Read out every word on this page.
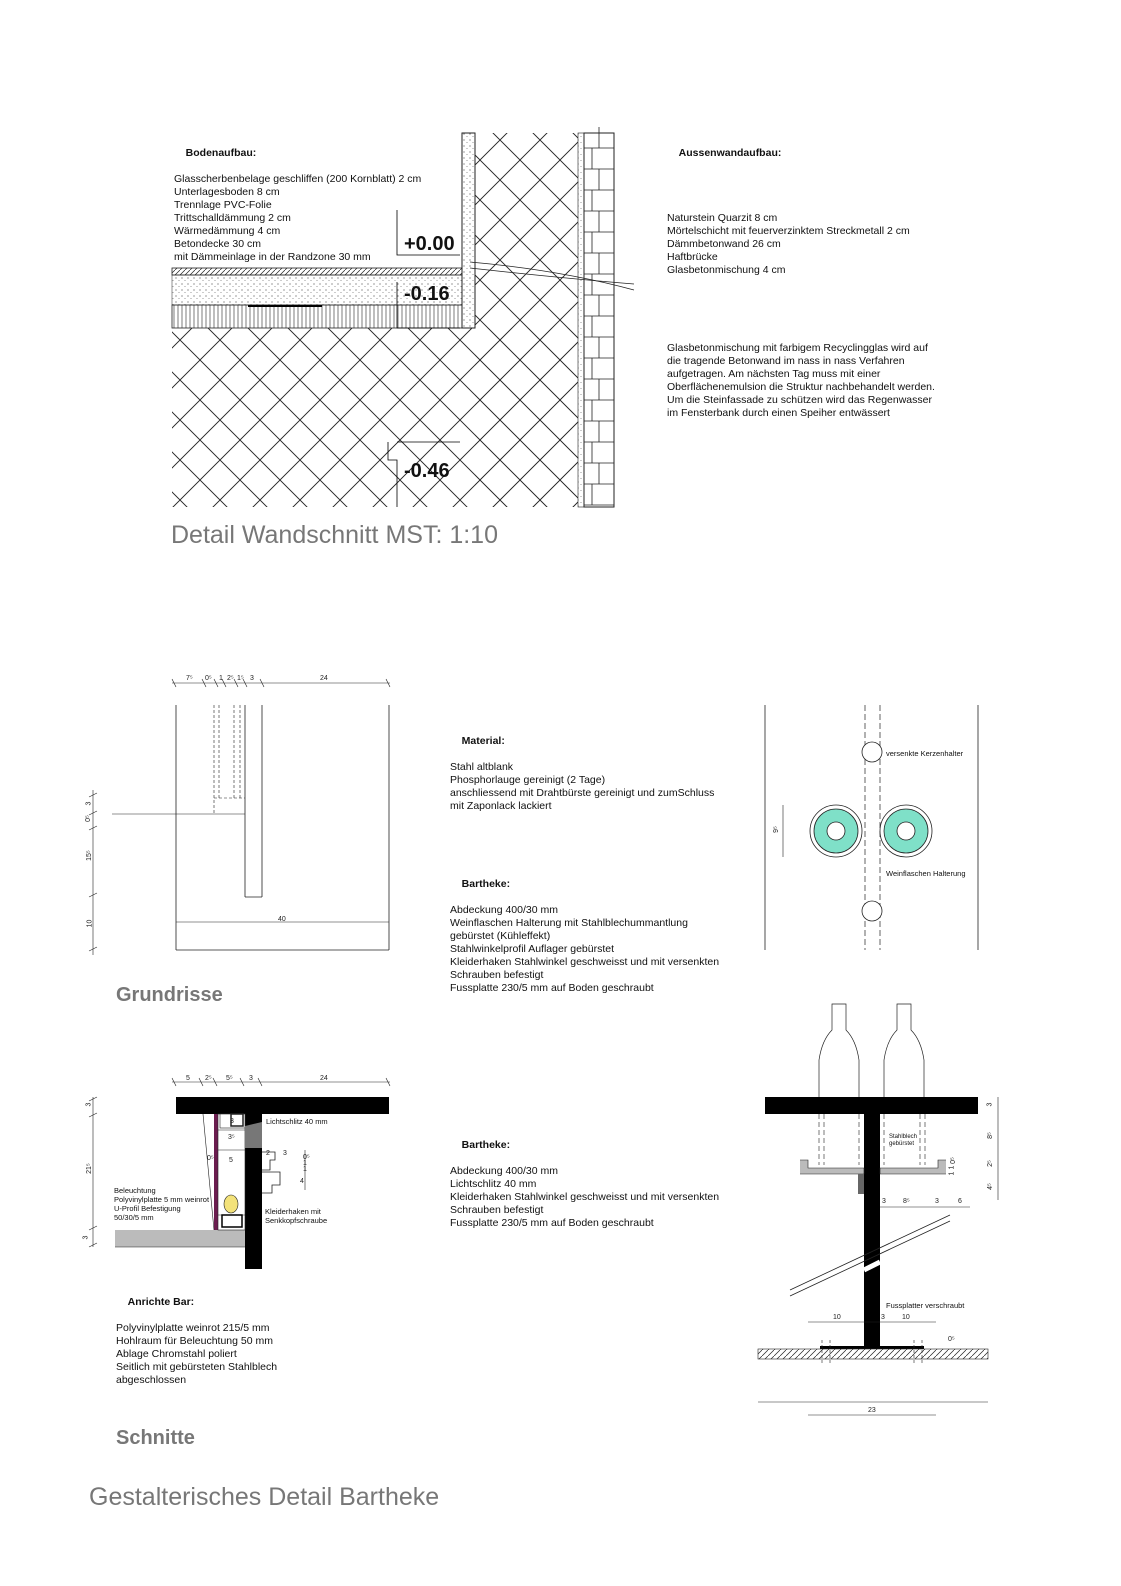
Bodenaufbau:

Glasscherbenbelage geschliffen (200 Kornblatt) 2 cm
Unterlagesboden 8 cm
Trennlage PVC-Folie
Trittschalldämmung 2 cm
Wärmedämmung 4 cm
Betondecke 30 cm
mit Dämmeinlage in der Randzone 30 mm

Aussenwandaufbau:

Naturstein Quarzit 8 cm
Mörtelschicht mit feuerverzinktem Streckmetall 2 cm
Dämmbetonwand 26 cm
Haftbrücke
Glasbetonmischung 4 cm

Glasbetonmischung mit farbigem Recyclingglas wird auf
die tragende Betonwand im nass in nass Verfahren
aufgetragen. Am nächsten Tag muss mit einer
Oberflächenemulsion die Struktur nachbehandelt werden.
Um die Steinfassade zu schützen wird das Regenwasser
im Fensterbank durch einen Speiher entwässert

+0.00
-0.16
-0.46
Detail Wandschnitt MST: 1:10
7⁵ 0⁵ 1 2⁵ 1⁵ 3	24
3
0⁵
15⁵
10
40

Material:

Stahl altblank
Phosphorlauge gereinigt (2 Tage)
anschliessend mit Drahtbürste gereinigt und zumSchluss
mit Zaponlack lackiert

Bartheke:

Abdeckung 400/30 mm
Weinflaschen Halterung mit Stahlblechummantlung
gebürstet (Kühleffekt)
Stahlwinkelprofil Auflager gebürstet
Kleiderhaken Stahlwinkel geschweisst und mit versenkten
Schrauben befestigt
Fussplatte 230/5 mm auf Boden geschraubt

versenkte Kerzenhalter
Weinflaschen Halterung
9⁵
Grundrisse
5 2⁵ 5⁵ 3	24
3
21⁵
3
3
3⁵
5
0⁵
2 3
4
1
1
0⁵
Lichtschlitz 40 mm
Beleuchtung
Polyvinylplatte 5 mm weinrot
U-Profil Befestigung
50/30/5 mm
Kleiderhaken mit
Senkkopfschraube

Bartheke:

Abdeckung 400/30 mm
Lichtschlitz 40 mm
Kleiderhaken Stahlwinkel geschweisst und mit versenkten
Schrauben befestigt
Fussplatte 230/5 mm auf Boden geschraubt

Anrichte Bar:

Polyvinylplatte weinrot 215/5 mm
Hohlraum für Beleuchtung 50 mm
Ablage Chromstahl poliert
Seitlich mit gebürsteten Stahlblech
abgeschlossen

Stahlblech
gebürstet
Fussplatter verschraubt
3
8⁵
2⁵
4⁵
1
1
0⁵
3 8⁵	3	6
10	3 10
0⁵
23
Schnitte
Gestalterisches Detail Bartheke
